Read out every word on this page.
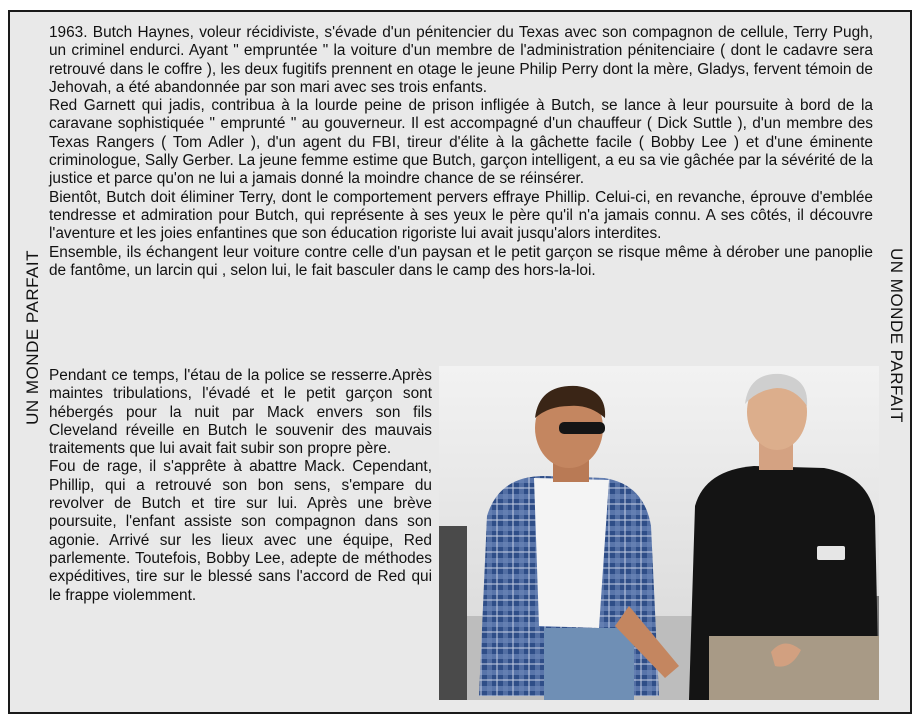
UN MONDE PARFAIT	UN MONDE PARFAIT

1963. Butch Haynes, voleur récidiviste, s'évade d'un pénitencier du Texas avec son compagnon de cellule, Terry Pugh, un criminel endurci. Ayant " empruntée " la voiture d'un membre de l'administration pénitenciaire ( dont le cadavre sera retrouvé dans le coffre ), les deux fugitifs prennent en otage le jeune Philip Perry dont la mère, Gladys, fervent témoin de Jehovah, a été abandonnée par son mari avec ses trois enfants.

Red Garnett qui jadis, contribua à la lourde peine de prison infligée à Butch, se lance à leur poursuite à bord de la caravane sophistiquée " emprunté " au gouverneur. Il est accompagné d'un chauffeur ( Dick Suttle ), d'un membre des Texas Rangers ( Tom Adler ), d'un agent du FBI, tireur d'élite à la gâchette facile ( Bobby Lee ) et d'une éminente criminologue, Sally Gerber. La jeune femme estime que Butch, garçon intelligent, a eu sa vie gâchée par la sévérité de la justice et parce qu'on ne lui a jamais donné la moindre chance de se réinsérer.

Bientôt, Butch doit éliminer Terry, dont le comportement pervers effraye Phillip. Celui-ci, en revanche, éprouve d'emblée tendresse et admiration pour Butch, qui représente à ses yeux le père qu'il n'a jamais connu. A ses côtés, il découvre l'aventure et les joies enfantines que son éducation rigoriste lui avait jusqu'alors interdites.

Ensemble, ils échangent leur voiture contre celle d'un paysan et le petit garçon se risque même à dérober une panoplie de fantôme, un larcin qui , selon lui, le fait basculer dans le camp des hors-la-loi.

Pendant ce temps, l'étau de la police se resserre.Après maintes tribulations, l'évadé et le petit garçon sont hébergés pour la nuit par Mack envers son fils Cleveland réveille en Butch le souvenir des mauvais traitements que lui avait fait subir son propre père.

Fou de rage, il s'apprête à abattre Mack. Cependant, Phillip, qui a retrouvé son bon sens, s'empare du revolver de Butch et tire sur lui. Après une brève poursuite, l'enfant assiste son compagnon dans son agonie. Arrivé sur les lieux avec une équipe, Red parlemente. Toutefois, Bobby Lee, adepte de méthodes expéditives, tire sur le blessé sans l'accord de Red qui le frappe violemment.
